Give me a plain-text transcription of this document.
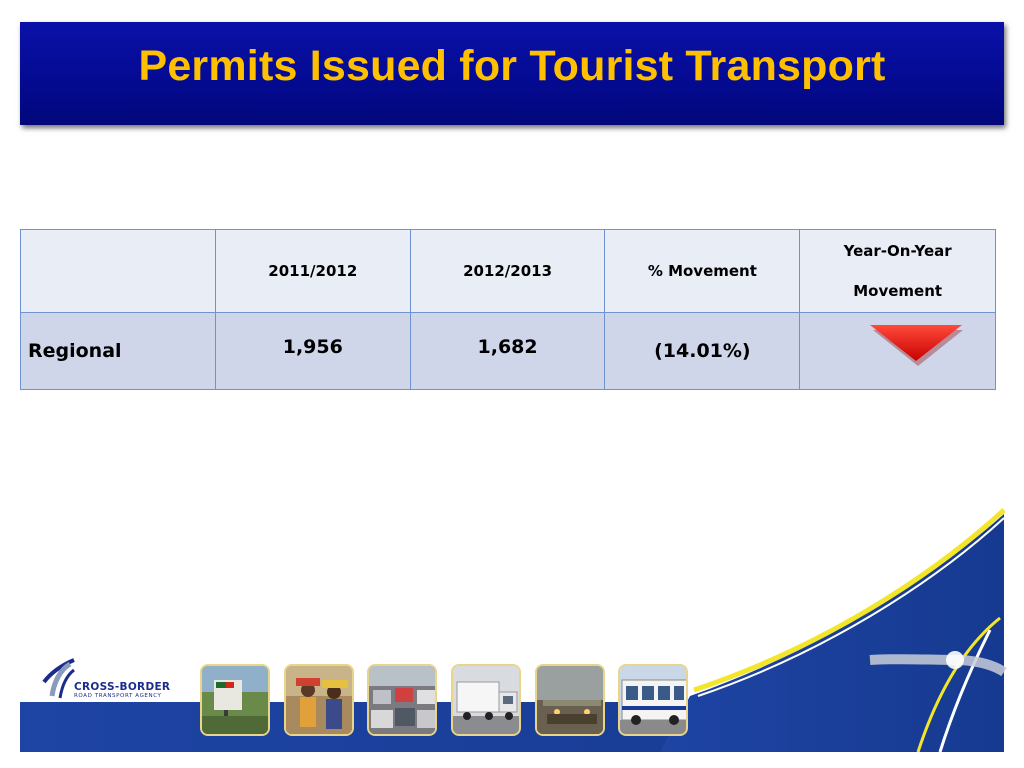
Permits Issued for Tourist Transport
	2011/2012	2012/2013	% Movement	Year-On-Year
Movement
Regional	1,956	1,682	(14.01%)	
CROSS-BORDER
ROAD TRANSPORT AGENCY
